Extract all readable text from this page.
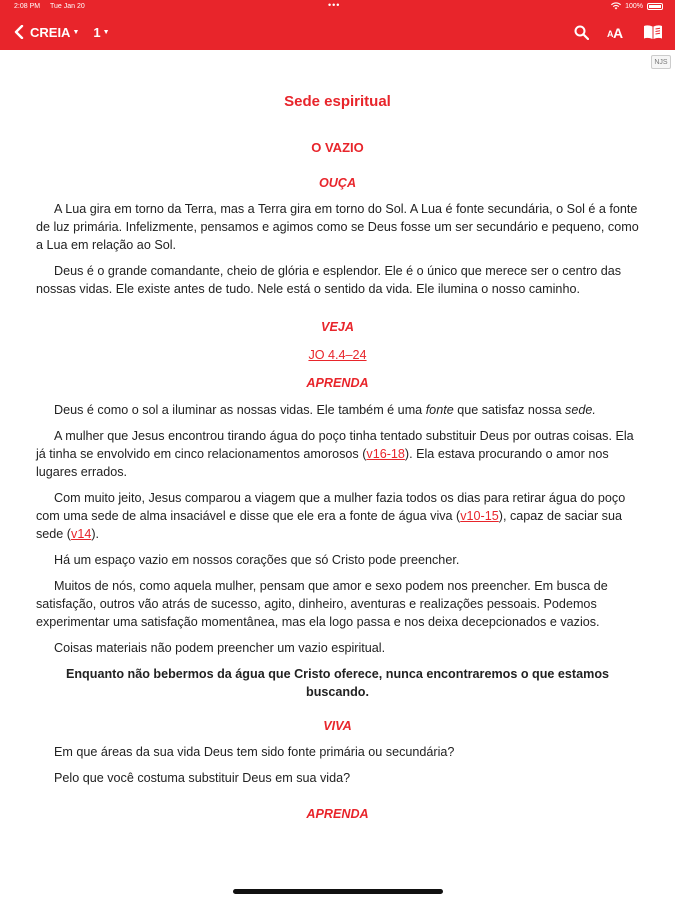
2:08 PM Tue Jan 20	•••	100%
CREIA ▼ 1 ▼	A A
NJS
Sede espiritual
O VAZIO
OUÇA

A Lua gira em torno da Terra, mas a Terra gira em torno do Sol. A Lua é fonte secundária, o Sol é a fonte de luz primária. Infelizmente, pensamos e agimos como se Deus fosse um ser secundário e pequeno, como a Lua em relação ao Sol.

Deus é o grande comandante, cheio de glória e esplendor. Ele é o único que merece ser o centro das nossas vidas. Ele existe antes de tudo. Nele está o sentido da vida. Ele ilumina o nosso caminho.

VEJA
JO 4.4–24
APRENDA

Deus é como o sol a iluminar as nossas vidas. Ele também é uma fonte que satisfaz nossa sede.

A mulher que Jesus encontrou tirando água do poço tinha tentado substituir Deus por outras coisas. Ela já tinha se envolvido em cinco relacionamentos amorosos (v16-18). Ela estava procurando o amor nos lugares errados.

Com muito jeito, Jesus comparou a viagem que a mulher fazia todos os dias para retirar água do poço com uma sede de alma insaciável e disse que ele era a fonte de água viva (v10-15), capaz de saciar sua sede (v14).

Há um espaço vazio em nossos corações que só Cristo pode preencher.

Muitos de nós, como aquela mulher, pensam que amor e sexo podem nos preencher. Em busca de satisfação, outros vão atrás de sucesso, agito, dinheiro, aventuras e realizações pessoais. Podemos experimentar uma satisfação momentânea, mas ela logo passa e nos deixa decepcionados e vazios.

Coisas materiais não podem preencher um vazio espiritual.

Enquanto não bebermos da água que Cristo oferece, nunca encontraremos o que estamos buscando.

VIVA

Em que áreas da sua vida Deus tem sido fonte primária ou secundária?

Pelo que você costuma substituir Deus em sua vida?

APRENDA
